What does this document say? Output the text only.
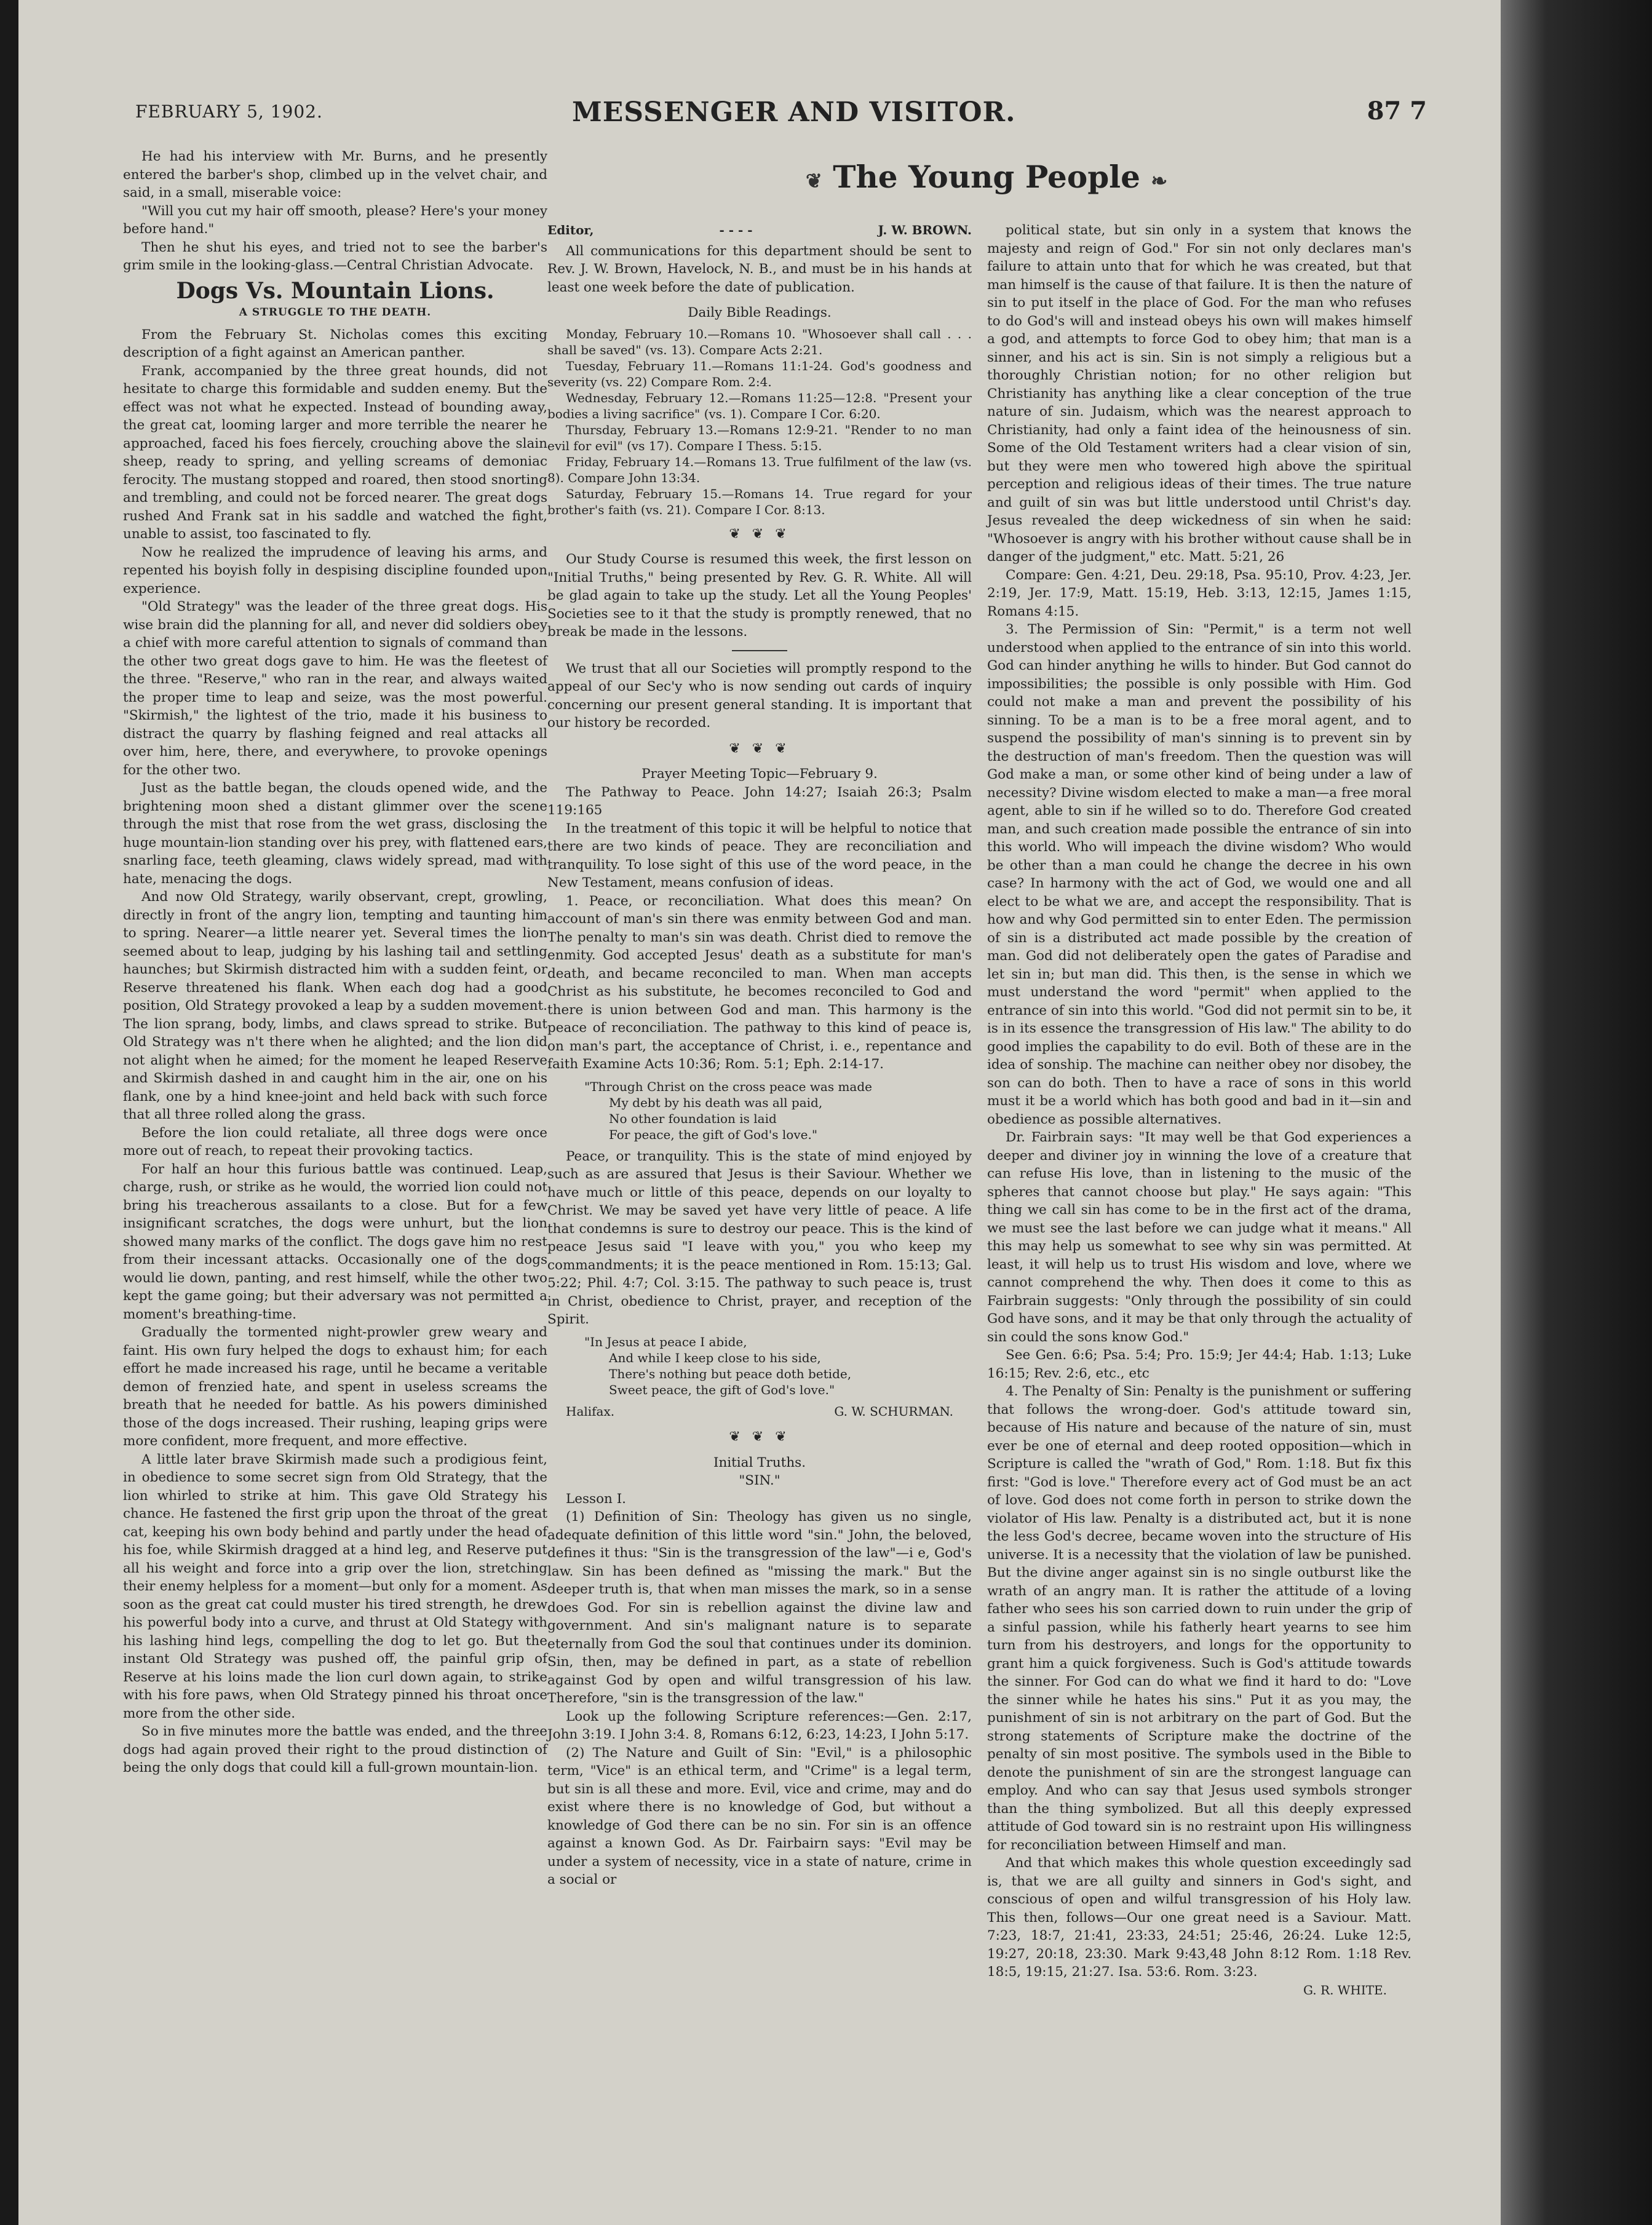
FEBRUARY 5, 1902.	MESSENGER AND VISITOR.	87 7

He had his interview with Mr. Burns, and he presently entered the barber's shop, climbed up in the velvet chair, and said, in a small, miserable voice:

"Will you cut my hair off smooth, please? Here's your money before hand."

Then he shut his eyes, and tried not to see the barber's grim smile in the looking-glass.—Central Christian Advocate.

Dogs Vs. Mountain Lions.
A STRUGGLE TO THE DEATH.

From the February St. Nicholas comes this exciting description of a fight against an American panther.

Frank, accompanied by the three great hounds, did not hesitate to charge this formidable and sudden enemy. But the effect was not what he expected. Instead of bounding away, the great cat, looming larger and more terrible the nearer he approached, faced his foes fiercely, crouching above the slain sheep, ready to spring, and yelling screams of demoniac ferocity. The mustang stopped and roared, then stood snorting and trembling, and could not be forced nearer. The great dogs rushed And Frank sat in his saddle and watched the fight, unable to assist, too fascinated to fly.

Now he realized the imprudence of leaving his arms, and repented his boyish folly in despising discipline founded upon experience.

"Old Strategy" was the leader of the three great dogs. His wise brain did the planning for all, and never did soldiers obey a chief with more careful attention to signals of command than the other two great dogs gave to him. He was the fleetest of the three. "Reserve," who ran in the rear, and always waited the proper time to leap and seize, was the most powerful. "Skirmish," the lightest of the trio, made it his business to distract the quarry by flashing feigned and real attacks all over him, here, there, and everywhere, to provoke openings for the other two.

Just as the battle began, the clouds opened wide, and the brightening moon shed a distant glimmer over the scene through the mist that rose from the wet grass, disclosing the huge mountain-lion standing over his prey, with flattened ears, snarling face, teeth gleaming, claws widely spread, mad with hate, menacing the dogs.

And now Old Strategy, warily observant, crept, growling, directly in front of the angry lion, tempting and taunting him to spring. Nearer—a little nearer yet. Several times the lion seemed about to leap, judging by his lashing tail and settling haunches; but Skirmish distracted him with a sudden feint, or Reserve threatened his flank. When each dog had a good position, Old Strategy provoked a leap by a sudden movement. The lion sprang, body, limbs, and claws spread to strike. But Old Strategy was n't there when he alighted; and the lion did not alight when he aimed; for the moment he leaped Reserve and Skirmish dashed in and caught him in the air, one on his flank, one by a hind knee-joint and held back with such force that all three rolled along the grass.

Before the lion could retaliate, all three dogs were once more out of reach, to repeat their provoking tactics.

For half an hour this furious battle was continued. Leap, charge, rush, or strike as he would, the worried lion could not bring his treacherous assailants to a close. But for a few insignificant scratches, the dogs were unhurt, but the lion showed many marks of the conflict. The dogs gave him no rest from their incessant attacks. Occasionally one of the dogs would lie down, panting, and rest himself, while the other two kept the game going; but their adversary was not permitted a moment's breathing-time.

Gradually the tormented night-prowler grew weary and faint. His own fury helped the dogs to exhaust him; for each effort he made increased his rage, until he became a veritable demon of frenzied hate, and spent in useless screams the breath that he needed for battle. As his powers diminished those of the dogs increased. Their rushing, leaping grips were more confident, more frequent, and more effective.

A little later brave Skirmish made such a prodigious feint, in obedience to some secret sign from Old Strategy, that the lion whirled to strike at him. This gave Old Strategy his chance. He fastened the first grip upon the throat of the great cat, keeping his own body behind and partly under the head of his foe, while Skirmish dragged at a hind leg, and Reserve put all his weight and force into a grip over the lion, stretching their enemy helpless for a moment—but only for a moment. As soon as the great cat could muster his tired strength, he drew his powerful body into a curve, and thrust at Old Stategy with his lashing hind legs, compelling the dog to let go. But the instant Old Strategy was pushed off, the painful grip of Reserve at his loins made the lion curl down again, to strike with his fore paws, when Old Strategy pinned his throat once more from the other side.

So in five minutes more the battle was ended, and the three dogs had again proved their right to the proud distinction of being the only dogs that could kill a full-grown mountain-lion.

❦ The Young People ❧
Editor,	- - - -	J. W. BROWN.

All communications for this department should be sent to Rev. J. W. Brown, Havelock, N. B., and must be in his hands at least one week before the date of publication.

Daily Bible Readings.

Monday, February 10.—Romans 10. "Whosoever shall call . . . shall be saved" (vs. 13). Compare Acts 2:21.

Tuesday, February 11.—Romans 11:1-24. God's goodness and severity (vs. 22) Compare Rom. 2:4.

Wednesday, February 12.—Romans 11:25—12:8. "Present your bodies a living sacrifice" (vs. 1). Compare I Cor. 6:20.

Thursday, February 13.—Romans 12:9-21. "Render to no man evil for evil" (vs 17). Compare I Thess. 5:15.

Friday, February 14.—Romans 13. True fulfilment of the law (vs. 8). Compare John 13:34.

Saturday, February 15.—Romans 14. True regard for your brother's faith (vs. 21). Compare I Cor. 8:13.

❦ ❦ ❦

Our Study Course is resumed this week, the first lesson on "Initial Truths," being presented by Rev. G. R. White. All will be glad again to take up the study. Let all the Young Peoples' Societies see to it that the study is promptly renewed, that no break be made in the lessons.

We trust that all our Societies will promptly respond to the appeal of our Sec'y who is now sending out cards of inquiry concerning our present general standing. It is important that our history be recorded.

❦ ❦ ❦
Prayer Meeting Topic—February 9.

The Pathway to Peace. John 14:27; Isaiah 26:3; Psalm 119:165

In the treatment of this topic it will be helpful to notice that there are two kinds of peace. They are reconciliation and tranquility. To lose sight of this use of the word peace, in the New Testament, means confusion of ideas.

1. Peace, or reconciliation. What does this mean? On account of man's sin there was enmity between God and man. The penalty to man's sin was death. Christ died to remove the enmity. God accepted Jesus' death as a substitute for man's death, and became reconciled to man. When man accepts Christ as his substitute, he becomes reconciled to God and there is union between God and man. This harmony is the peace of reconciliation. The pathway to this kind of peace is, on man's part, the acceptance of Christ, i. e., repentance and faith Examine Acts 10:36; Rom. 5:1; Eph. 2:14-17.

"Through Christ on the cross peace was made
My debt by his death was all paid,
No other foundation is laid
For peace, the gift of God's love."

Peace, or tranquility. This is the state of mind enjoyed by such as are assured that Jesus is their Saviour. Whether we have much or little of this peace, depends on our loyalty to Christ. We may be saved yet have very little of peace. A life that condemns is sure to destroy our peace. This is the kind of peace Jesus said "I leave with you," you who keep my commandments; it is the peace mentioned in Rom. 15:13; Gal. 5:22; Phil. 4:7; Col. 3:15. The pathway to such peace is, trust in Christ, obedience to Christ, prayer, and reception of the Spirit.

"In Jesus at peace I abide,
And while I keep close to his side,
There's nothing but peace doth betide,
Sweet peace, the gift of God's love."
Halifax.	G. W. SCHURMAN.
❦ ❦ ❦
Initial Truths.
"SIN."

Lesson I.

(1) Definition of Sin: Theology has given us no single, adequate definition of this little word "sin." John, the beloved, defines it thus: "Sin is the transgression of the law"—i e, God's law. Sin has been defined as "missing the mark." But the deeper truth is, that when man misses the mark, so in a sense does God. For sin is rebellion against the divine law and government. And sin's malignant nature is to separate eternally from God the soul that continues under its dominion. Sin, then, may be defined in part, as a state of rebellion against God by open and wilful transgression of his law. Therefore, "sin is the transgression of the law."

Look up the following Scripture references:—Gen. 2:17, John 3:19. I John 3:4. 8, Romans 6:12, 6:23, 14:23, I John 5:17.

(2) The Nature and Guilt of Sin: "Evil," is a philosophic term, "Vice" is an ethical term, and "Crime" is a legal term, but sin is all these and more. Evil, vice and crime, may and do exist where there is no knowledge of God, but without a knowledge of God there can be no sin. For sin is an offence against a known God. As Dr. Fairbairn says: "Evil may be under a system of necessity, vice in a state of nature, crime in a social or

political state, but sin only in a system that knows the majesty and reign of God." For sin not only declares man's failure to attain unto that for which he was created, but that man himself is the cause of that failure. It is then the nature of sin to put itself in the place of God. For the man who refuses to do God's will and instead obeys his own will makes himself a god, and attempts to force God to obey him; that man is a sinner, and his act is sin. Sin is not simply a religious but a thoroughly Christian notion; for no other religion but Christianity has anything like a clear conception of the true nature of sin. Judaism, which was the nearest approach to Christianity, had only a faint idea of the heinousness of sin. Some of the Old Testament writers had a clear vision of sin, but they were men who towered high above the spiritual perception and religious ideas of their times. The true nature and guilt of sin was but little understood until Christ's day. Jesus revealed the deep wickedness of sin when he said: "Whosoever is angry with his brother without cause shall be in danger of the judgment," etc. Matt. 5:21, 26

Compare: Gen. 4:21, Deu. 29:18, Psa. 95:10, Prov. 4:23, Jer. 2:19, Jer. 17:9, Matt. 15:19, Heb. 3:13, 12:15, James 1:15, Romans 4:15.

3. The Permission of Sin: "Permit," is a term not well understood when applied to the entrance of sin into this world. God can hinder anything he wills to hinder. But God cannot do impossibilities; the possible is only possible with Him. God could not make a man and prevent the possibility of his sinning. To be a man is to be a free moral agent, and to suspend the possibility of man's sinning is to prevent sin by the destruction of man's freedom. Then the question was will God make a man, or some other kind of being under a law of necessity? Divine wisdom elected to make a man—a free moral agent, able to sin if he willed so to do. Therefore God created man, and such creation made possible the entrance of sin into this world. Who will impeach the divine wisdom? Who would be other than a man could he change the decree in his own case? In harmony with the act of God, we would one and all elect to be what we are, and accept the responsibility. That is how and why God permitted sin to enter Eden. The permission of sin is a distributed act made possible by the creation of man. God did not deliberately open the gates of Paradise and let sin in; but man did. This then, is the sense in which we must understand the word "permit" when applied to the entrance of sin into this world. "God did not permit sin to be, it is in its essence the transgression of His law." The ability to do good implies the capability to do evil. Both of these are in the idea of sonship. The machine can neither obey nor disobey, the son can do both. Then to have a race of sons in this world must it be a world which has both good and bad in it—sin and obedience as possible alternatives.

Dr. Fairbrain says: "It may well be that God experiences a deeper and diviner joy in winning the love of a creature that can refuse His love, than in listening to the music of the spheres that cannot choose but play." He says again: "This thing we call sin has come to be in the first act of the drama, we must see the last before we can judge what it means." All this may help us somewhat to see why sin was permitted. At least, it will help us to trust His wisdom and love, where we cannot comprehend the why. Then does it come to this as Fairbrain suggests: "Only through the possibility of sin could God have sons, and it may be that only through the actuality of sin could the sons know God."

See Gen. 6:6; Psa. 5:4; Pro. 15:9; Jer 44:4; Hab. 1:13; Luke 16:15; Rev. 2:6, etc., etc

4. The Penalty of Sin: Penalty is the punishment or suffering that follows the wrong-doer. God's attitude toward sin, because of His nature and because of the nature of sin, must ever be one of eternal and deep rooted opposition—which in Scripture is called the "wrath of God," Rom. 1:18. But fix this first: "God is love." Therefore every act of God must be an act of love. God does not come forth in person to strike down the violator of His law. Penalty is a distributed act, but it is none the less God's decree, became woven into the structure of His universe. It is a necessity that the violation of law be punished. But the divine anger against sin is no single outburst like the wrath of an angry man. It is rather the attitude of a loving father who sees his son carried down to ruin under the grip of a sinful passion, while his fatherly heart yearns to see him turn from his destroyers, and longs for the opportunity to grant him a quick forgiveness. Such is God's attitude towards the sinner. For God can do what we find it hard to do: "Love the sinner while he hates his sins." Put it as you may, the punishment of sin is not arbitrary on the part of God. But the strong statements of Scripture make the doctrine of the penalty of sin most positive. The symbols used in the Bible to denote the punishment of sin are the strongest language can employ. And who can say that Jesus used symbols stronger than the thing symbolized. But all this deeply expressed attitude of God toward sin is no restraint upon His willingness for reconciliation between Himself and man.

And that which makes this whole question exceedingly sad is, that we are all guilty and sinners in God's sight, and conscious of open and wilful transgression of his Holy law. This then, follows—Our one great need is a Saviour. Matt. 7:23, 18:7, 21:41, 23:33, 24:51; 25:46, 26:24. Luke 12:5, 19:27, 20:18, 23:30. Mark 9:43,48 John 8:12 Rom. 1:18 Rev. 18:5, 19:15, 21:27. Isa. 53:6. Rom. 3:23.

G. R. WHITE.
